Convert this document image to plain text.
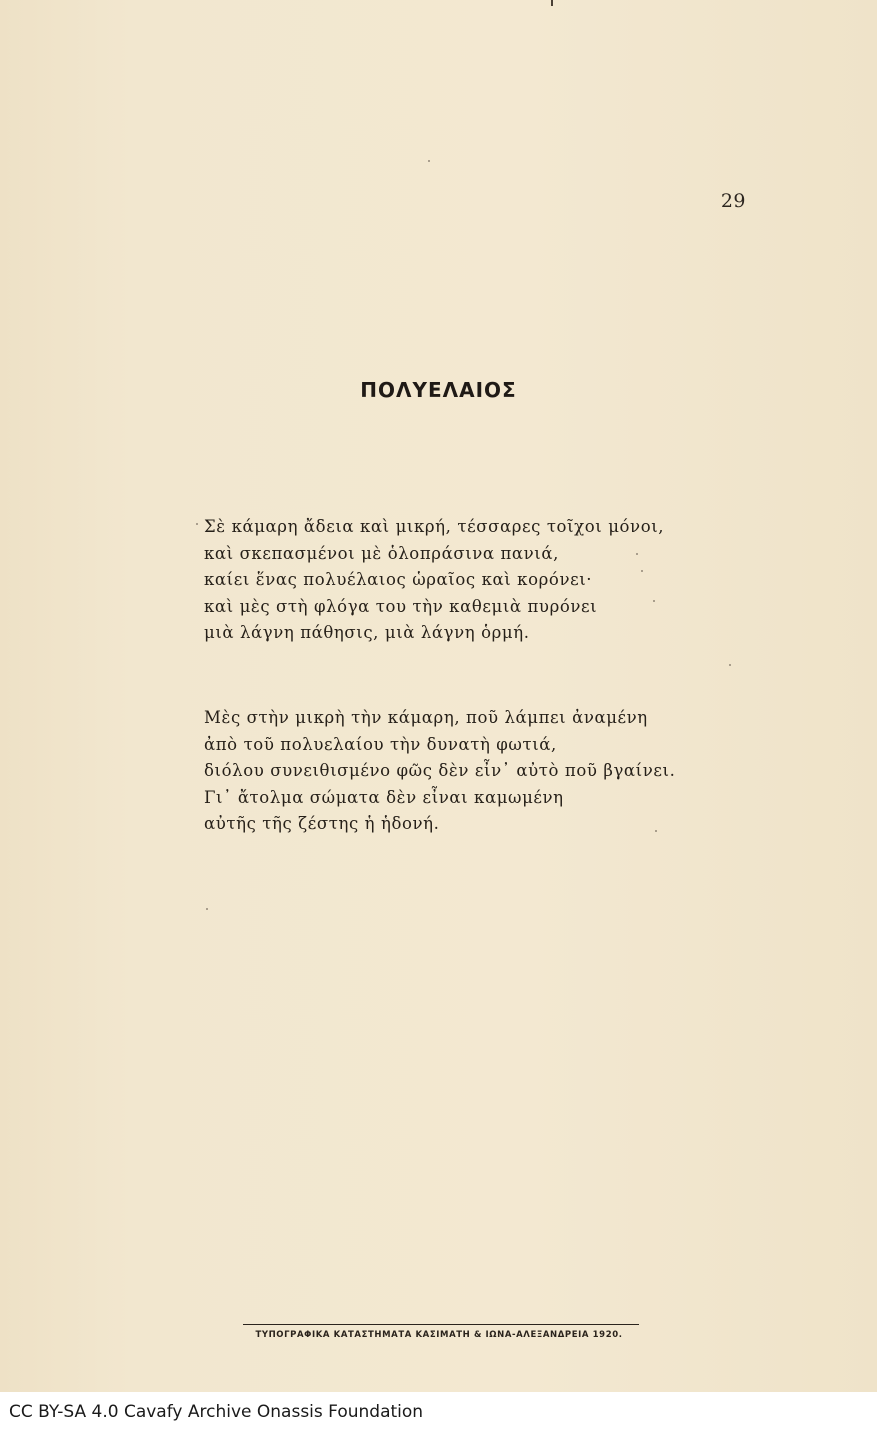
29
ΠΟΛΥΕΛΑΙΟΣ
Σὲ κάμαρη ἄδεια καὶ μικρή, τέσσαρες τοῖχοι μόνοι,
καὶ σκεπασμένοι μὲ ὁλοπράσινα πανιά,
καίει ἕνας πολυέλαιος ὡραῖος καὶ κορόνει·
καὶ μὲς στὴ φλόγα του τὴν καθεμιὰ πυρόνει
μιὰ λάγνη πάθησις, μιὰ λάγνη ὁρμή.
Μὲς στὴν μικρὴ τὴν κάμαρη, ποῦ λάμπει ἀναμένη
ἀπὸ τοῦ πολυελαίου τὴν δυνατὴ φωτιά,
διόλου συνειθισμένο φῶς δὲν εἶν᾽ αὐτὸ ποῦ βγαίνει.
Γι᾽ ἄτολμα σώματα δὲν εἶναι καμωμένη
αὐτῆς τῆς ζέστης ἡ ἡδονή.
ΤΥΠΟΓΡΑΦΙΚΑ ΚΑΤΑΣΤΗΜΑΤΑ ΚΑΣΙΜΑΤΗ & ΙΩΝΑ-ΑΛΕΞΑΝΔΡΕΙΑ 1920.
CC BY-SA 4.0 Cavafy Archive Onassis Foundation
